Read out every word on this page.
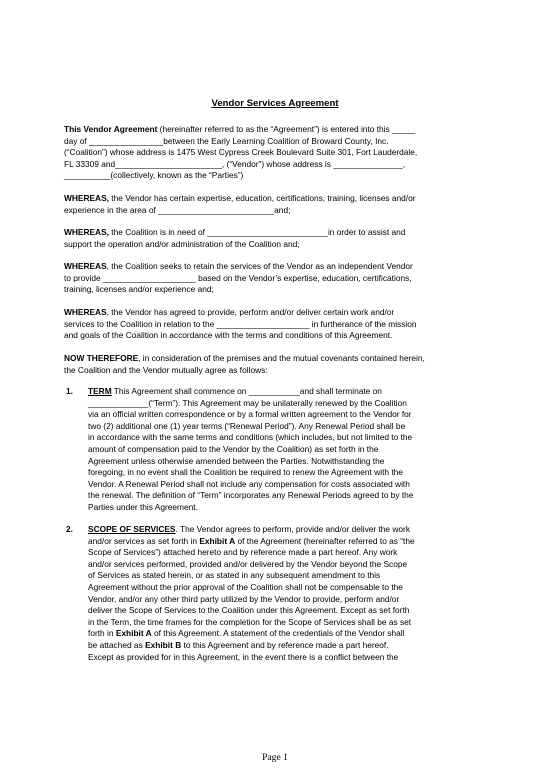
Vendor Services Agreement
This Vendor Agreement (hereinafter referred to as the “Agreement”) is entered into this _____
day of ________________between the Early Learning Coalition of Broward County, Inc.
(“Coalition”) whose address is 1475 West Cypress Creek Boulevard Suite 301, Fort Lauderdale,
FL 33309 and_______________________, (“Vendor”) whose address is _______________,
__________(collectively, known as the “Parties”)
WHEREAS, the Vendor has certain expertise, education, certifications, training, licenses and/or
experience in the area of _________________________and;
WHEREAS, the Coalition is in need of __________________________in order to assist and
support the operation and/or administration of the Coalition and;
WHEREAS, the Coalition seeks to retain the services of the Vendor as an independent Vendor
to provide ____________________ based on the Vendor’s expertise, education, certifications,
training, licenses and/or experience and;
WHEREAS, the Vendor has agreed to provide, perform and/or deliver certain work and/or
services to the Coalition in relation to the ____________________ in furtherance of the mission
and goals of the Coalition in accordance with the terms and conditions of this Agreement.
NOW THEREFORE, in consideration of the premises and the mutual covenants contained herein,
the Coalition and the Vendor mutually agree as follows:
1. TERM This Agreement shall commence on ___________and shall terminate on
_____________(“Term”). This Agreement may be unilaterally renewed by the Coalition
via an official written correspondence or by a formal written agreement to the Vendor for
two (2) additional one (1) year terms (“Renewal Period”). Any Renewal Period shall be
in accordance with the same terms and conditions (which includes, but not limited to the
amount of compensation paid to the Vendor by the Coalition) as set forth in the
Agreement unless otherwise amended between the Parties. Notwithstanding the
foregoing, in no event shall the Coalition be required to renew the Agreement with the
Vendor. A Renewal Period shall not include any compensation for costs associated with
the renewal. The definition of “Term” incorporates any Renewal Periods agreed to by the
Parties under this Agreement.
2. SCOPE OF SERVICES. The Vendor agrees to perform, provide and/or deliver the work
and/or services as set forth in Exhibit A of the Agreement (hereinafter referred to as “the
Scope of Services”) attached hereto and by reference made a part hereof. Any work
and/or services performed, provided and/or delivered by the Vendor beyond the Scope
of Services as stated herein, or as stated in any subsequent amendment to this
Agreement without the prior approval of the Coalition shall not be compensable to the
Vendor, and/or any other third party utilized by the Vendor to provide, perform and/or
deliver the Scope of Services to the Coalition under this Agreement. Except as set forth
in the Term, the time frames for the completion for the Scope of Services shall be as set
forth in Exhibit A of this Agreement. A statement of the credentials of the Vendor shall
be attached as Exhibit B to this Agreement and by reference made a part hereof.
Except as provided for in this Agreement, in the event there is a conflict between the
Page 1
